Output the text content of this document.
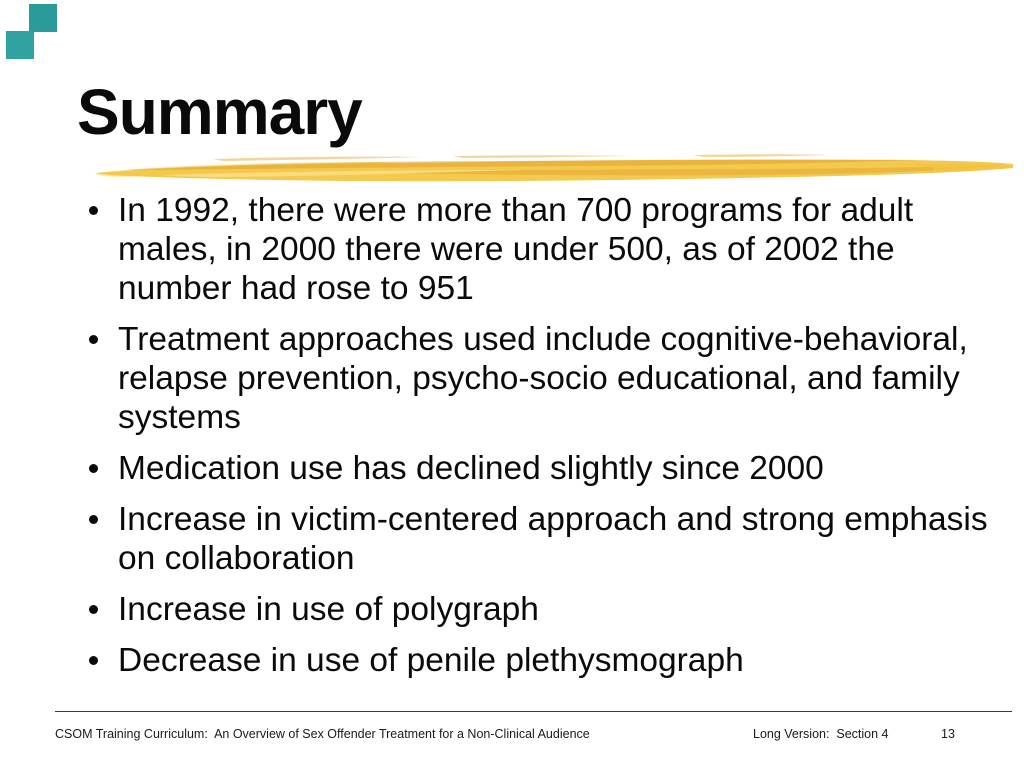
Summary
In 1992, there were more than 700 programs for adult males, in 2000 there were under 500, as of 2002 the number had rose to 951
Treatment approaches used include cognitive-behavioral, relapse prevention, psycho-socio educational, and family systems
Medication use has declined slightly since 2000
Increase in victim-centered approach and strong emphasis on collaboration
Increase in use of polygraph
Decrease in use of penile plethysmograph
CSOM Training Curriculum:  An Overview of Sex Offender Treatment for a Non-Clinical Audience	Long Version:  Section 4	13
